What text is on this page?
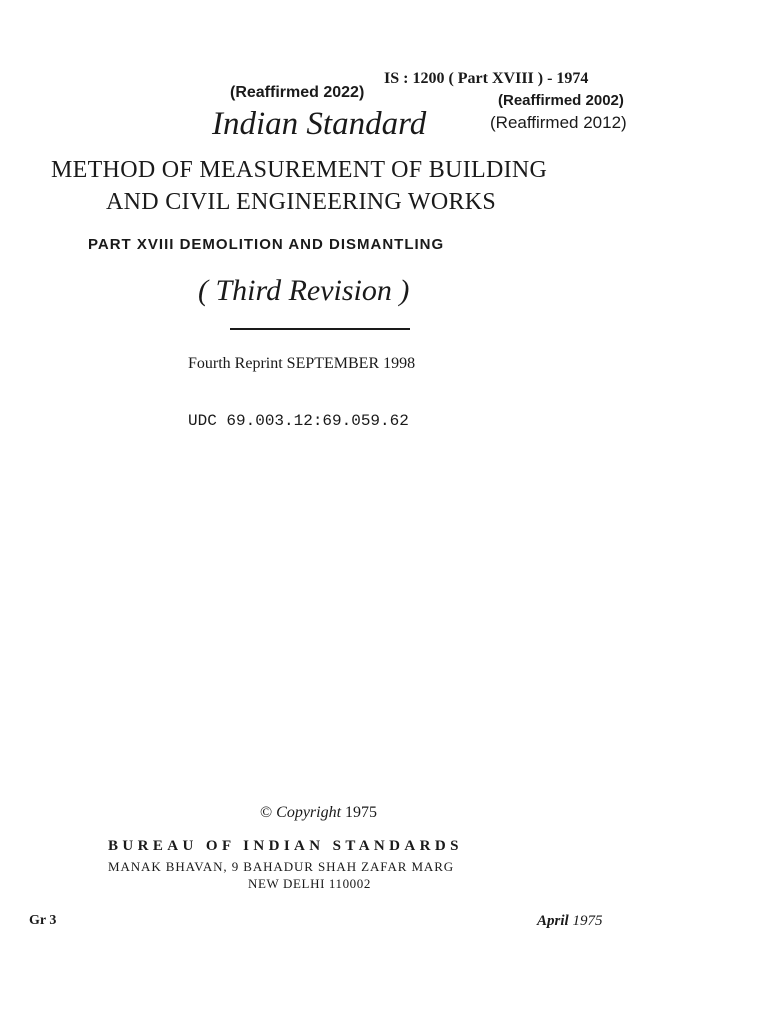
(Reaffirmed 2022)

IS : 1200 ( Part XVIII ) - 1974

(Reaffirmed 2002)

Indian Standard	(Reaffirmed 2012)

METHOD OF MEASUREMENT OF BUILDING

AND CIVIL ENGINEERING WORKS

PART XVIII DEMOLITION AND DISMANTLING

( Third Revision )

Fourth Reprint SEPTEMBER 1998

UDC 69.003.12:69.059.62

© Copyright 1975

BUREAU OF INDIAN STANDARDS

MANAK BHAVAN, 9 BAHADUR SHAH ZAFAR MARG

NEW DELHI 110002

Gr 3	April 1975
